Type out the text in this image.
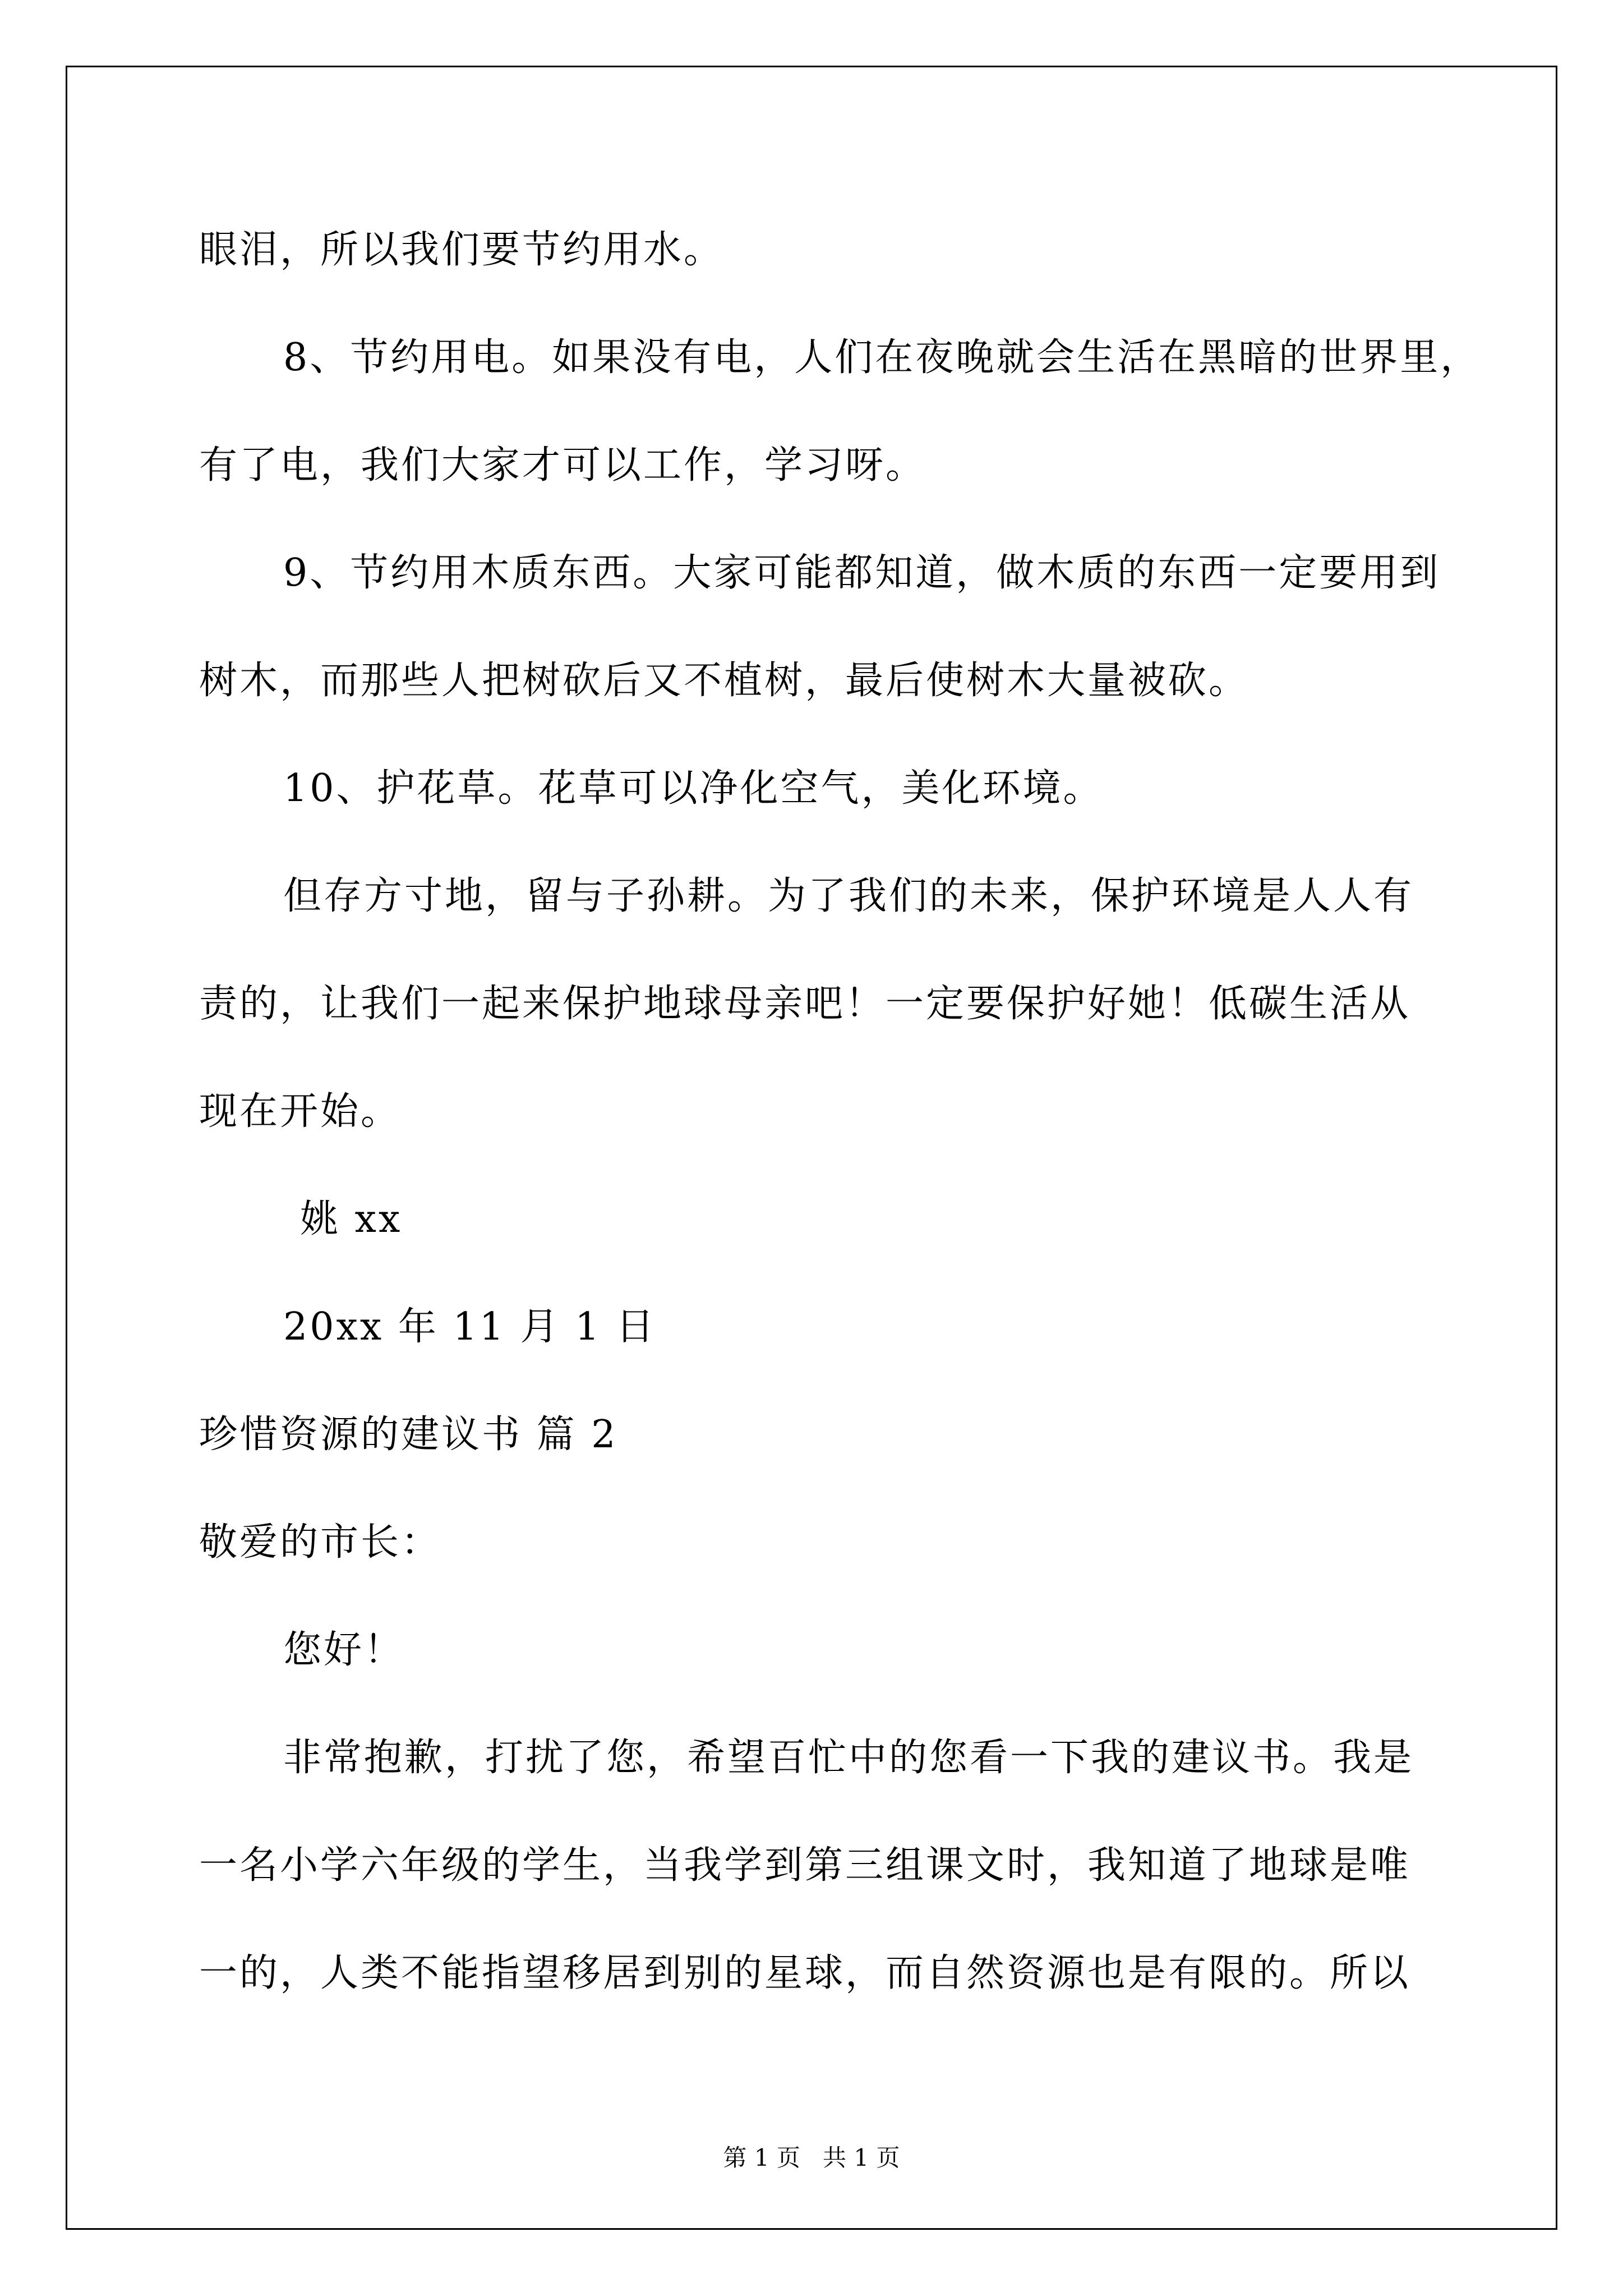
眼泪，所以我们要节约用水。
8、节约用电。如果没有电，人们在夜晚就会生活在黑暗的世界里，
有了电，我们大家才可以工作，学习呀。
9、节约用木质东西。大家可能都知道，做木质的东西一定要用到
树木，而那些人把树砍后又不植树，最后使树木大量被砍。
10、护花草。花草可以净化空气，美化环境。
但存方寸地，留与子孙耕。为了我们的未来，保护环境是人人有
责的，让我们一起来保护地球母亲吧！一定要保护好她！低碳生活从
现在开始。
姚 xx
20xx 年 11 月 1 日
珍惜资源的建议书 篇 2
敬爱的市长：
您好！
非常抱歉，打扰了您，希望百忙中的您看一下我的建议书。我是
一名小学六年级的学生，当我学到第三组课文时，我知道了地球是唯
一的，人类不能指望移居到别的星球，而自然资源也是有限的。所以
第 1 页   共 1 页
